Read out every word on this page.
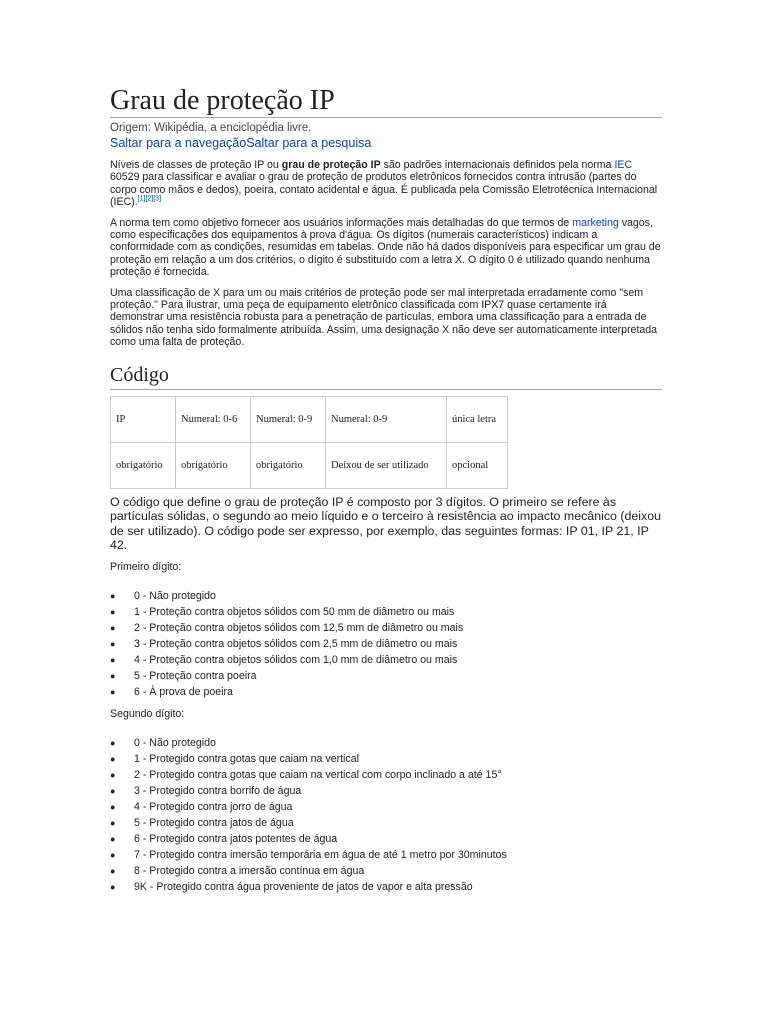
Grau de proteção IP
Origem: Wikipédia, a enciclopédia livre.
Saltar para a navegaçãoSaltar para a pesquisa

Níveis de classes de proteção IP ou grau de proteção IP são padrões internacionais definidos pela norma IEC 60529 para classificar e avaliar o grau de proteção de produtos eletrônicos fornecidos contra intrusão (partes do corpo como mãos e dedos), poeira, contato acidental e água. É publicada pela Comissão Eletrotécnica Internacional (IEC).[1][2][3]

A norma tem como objetivo fornecer aos usuários informações mais detalhadas do que termos de marketing vagos, como especificações dos equipamentos à prova d'água. Os dígitos (numerais característicos) indicam a conformidade com as condições, resumidas em tabelas. Onde não há dados disponíveis para especificar um grau de proteção em relação a um dos critérios, o dígito é substituído com a letra X. O dígito 0 é utilizado quando nenhuma proteção é fornecida.

Uma classificação de X para um ou mais critérios de proteção pode ser mal interpretada erradamente como "sem proteção." Para ilustrar, uma peça de equipamento eletrônico classificada com IPX7 quase certamente irá demonstrar uma resistência robusta para a penetração de partículas, embora uma classificação para a entrada de sólidos não tenha sido formalmente atribuída. Assim, uma designação X não deve ser automaticamente interpretada como uma falta de proteção.

Código
IP	Numeral: 0-6	Numeral: 0-9	Numeral: 0-9	única letra
obrigatório	obrigatório	obrigatório	Deixou de ser utilizado	opcional

O código que define o grau de proteção IP é composto por 3 dígitos. O primeiro se refere às partículas sólidas, o segundo ao meio líquido e o terceiro à resistência ao impacto mecânico (deixou de ser utilizado). O código pode ser expresso, por exemplo, das seguintes formas: IP 01, IP 21, IP 42.

Primeiro dígito:
● 0 - Não protegido
● 1 - Proteção contra objetos sólidos com 50 mm de diâmetro ou mais
● 2 - Proteção contra objetos sólidos com 12,5 mm de diâmetro ou mais
● 3 - Proteção contra objetos sólidos com 2,5 mm de diâmetro ou mais
● 4 - Proteção contra objetos sólidos com 1,0 mm de diâmetro ou mais
● 5 - Proteção contra poeira
● 6 - À prova de poeira
Segundo dígito:
● 0 - Não protegido
● 1 - Protegido contra gotas que caiam na vertical
● 2 - Protegido contra gotas que caiam na vertical com corpo inclinado a até 15°
● 3 - Protegido contra borrifo de água
● 4 - Protegido contra jorro de água
● 5 - Protegido contra jatos de água
● 6 - Protegido contra jatos potentes de água
● 7 - Protegido contra imersão temporária em água de até 1 metro por 30minutos
● 8 - Protegido contra a imersão contínua em água
● 9K - Protegido contra água proveniente de jatos de vapor e alta pressão
